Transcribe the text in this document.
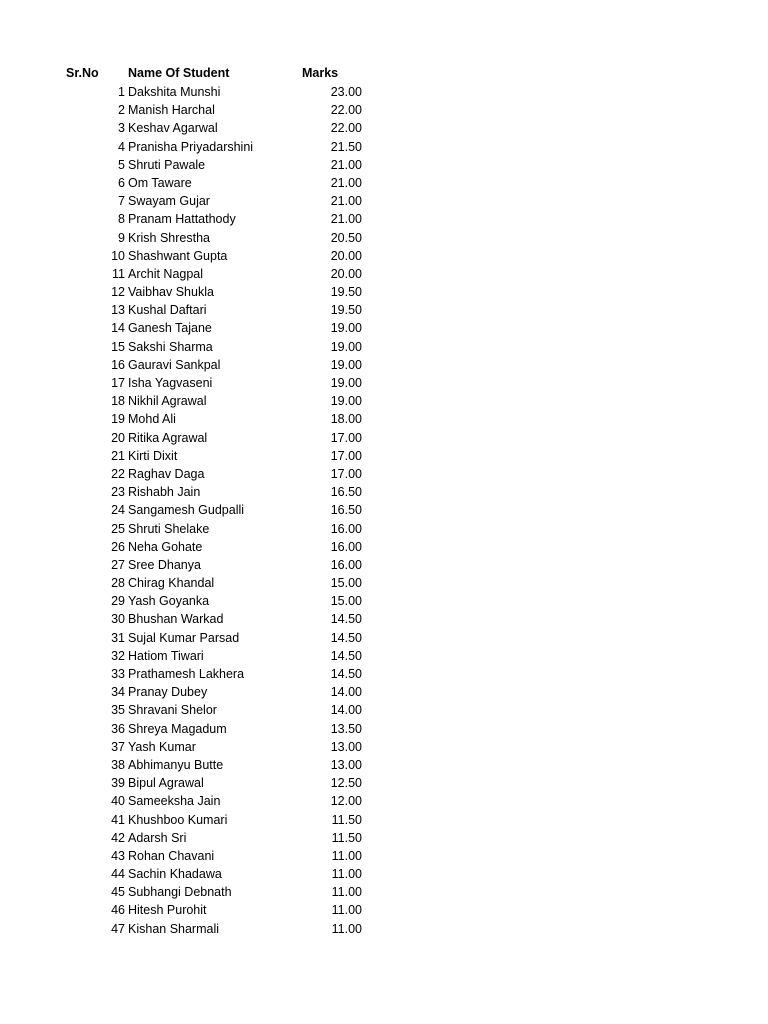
Sr.No Name Of Student	Marks
1 Dakshita Munshi	23.00
2 Manish Harchal	22.00
3 Keshav Agarwal	22.00
4 Pranisha Priyadarshini	21.50
5 Shruti Pawale	21.00
6 Om Taware	21.00
7 Swayam Gujar	21.00
8 Pranam Hattathody	21.00
9 Krish Shrestha	20.50
10 Shashwant Gupta	20.00
11 Archit Nagpal	20.00
12 Vaibhav Shukla	19.50
13 Kushal Daftari	19.50
14 Ganesh Tajane	19.00
15 Sakshi Sharma	19.00
16 Gauravi Sankpal	19.00
17 Isha Yagvaseni	19.00
18 Nikhil Agrawal	19.00
19 Mohd Ali	18.00
20 Ritika Agrawal	17.00
21 Kirti Dixit	17.00
22 Raghav Daga	17.00
23 Rishabh Jain	16.50
24 Sangamesh Gudpalli	16.50
25 Shruti Shelake	16.00
26 Neha Gohate	16.00
27 Sree Dhanya	16.00
28 Chirag Khandal	15.00
29 Yash Goyanka	15.00
30 Bhushan Warkad	14.50
31 Sujal Kumar Parsad	14.50
32 Hatiom Tiwari	14.50
33 Prathamesh Lakhera	14.50
34 Pranay Dubey	14.00
35 Shravani Shelor	14.00
36 Shreya Magadum	13.50
37 Yash Kumar	13.00
38 Abhimanyu Butte	13.00
39 Bipul Agrawal	12.50
40 Sameeksha Jain	12.00
41 Khushboo Kumari	11.50
42 Adarsh Sri	11.50
43 Rohan Chavani	11.00
44 Sachin Khadawa	11.00
45 Subhangi Debnath	11.00
46 Hitesh Purohit	11.00
47 Kishan Sharmali	11.00
